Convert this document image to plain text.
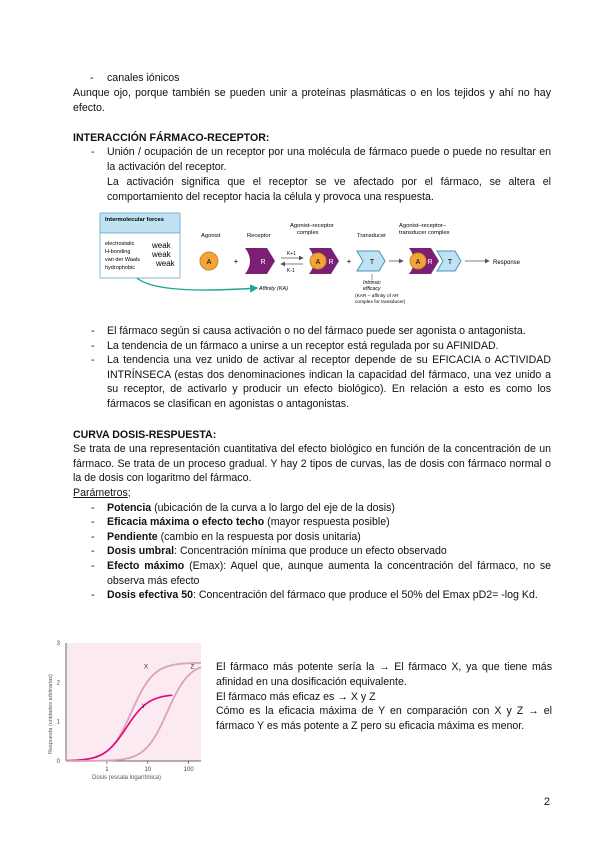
- canales iónicos

Aunque ojo, porque también se pueden unir a proteínas plasmáticas o en los tejidos y ahí no hay efecto.

INTERACCIÓN FÁRMACO-RECEPTOR:
- Unión / ocupación de un receptor por una molécula de fármaco puede o puede no resultar en la activación del receptor.
La activación significa que el receptor se ve afectado por el fármaco, se altera el comportamiento del receptor hacia la célula y provoca una respuesta.
Intermolecular forces
electrostatic
H-bonding
van der Waals
hydrophobic
weak
weak
weak
Affinity (KA)
Agonist	Receptor
Agonist–receptor
complex	Transducer
Agonist–receptor–
transducer complex
A	+	R
K+1
K-1
A R +	T
Intrinsic
efficacy
(KAR – affinity of AR
complex for transducer)
A R T	Response
- El fármaco según si causa activación o no del fármaco puede ser agonista o antagonista.
- La tendencia de un fármaco a unirse a un receptor está regulada por su AFINIDAD.
- La tendencia una vez unido de activar al receptor depende de su EFICACIA o ACTIVIDAD INTRÍNSECA (estas dos denominaciones indican la capacidad del fármaco, una vez unido a su receptor, de activarlo y producir un efecto biológico). En relación a esto es como los fármacos se clasifican en agonistas o antagonistas.
CURVA DOSIS-RESPUESTA:

Se trata de una representación cuantitativa del efecto biológico en función de la concentración de un fármaco. Se trata de un proceso gradual. Y hay 2 tipos de curvas, las de dosis con fármaco normal o la de dosis con logaritmo del fármaco.

Parámetros;
- Potencia (ubicación de la curva a lo largo del eje de la dosis)
- Eficacia máxima o efecto techo (mayor respuesta posible)
- Pendiente (cambio en la respuesta por dosis unitaria)
- Dosis umbral: Concentración mínima que produce un efecto observado
- Efecto máximo (Emax): Aquel que, aunque aumenta la concentración del fármaco, no se observa más efecto
- Dosis efectiva 50: Concentración del fármaco que produce el 50% del Emax pD2= -log Kd.
1	10	100
0
1
2
3
X
Y
Z
Dosis (escala logarítmica)
Respuesta (unidades arbitrarias)
El fármaco más potente sería la → El fármaco X, ya que tiene más afinidad en una dosificación equivalente.
El fármaco más eficaz es → X y Z
Cómo es la eficacia máxima de Y en comparación con X y Z → el fármaco Y es más potente a Z pero su eficacia máxima es menor.
2
